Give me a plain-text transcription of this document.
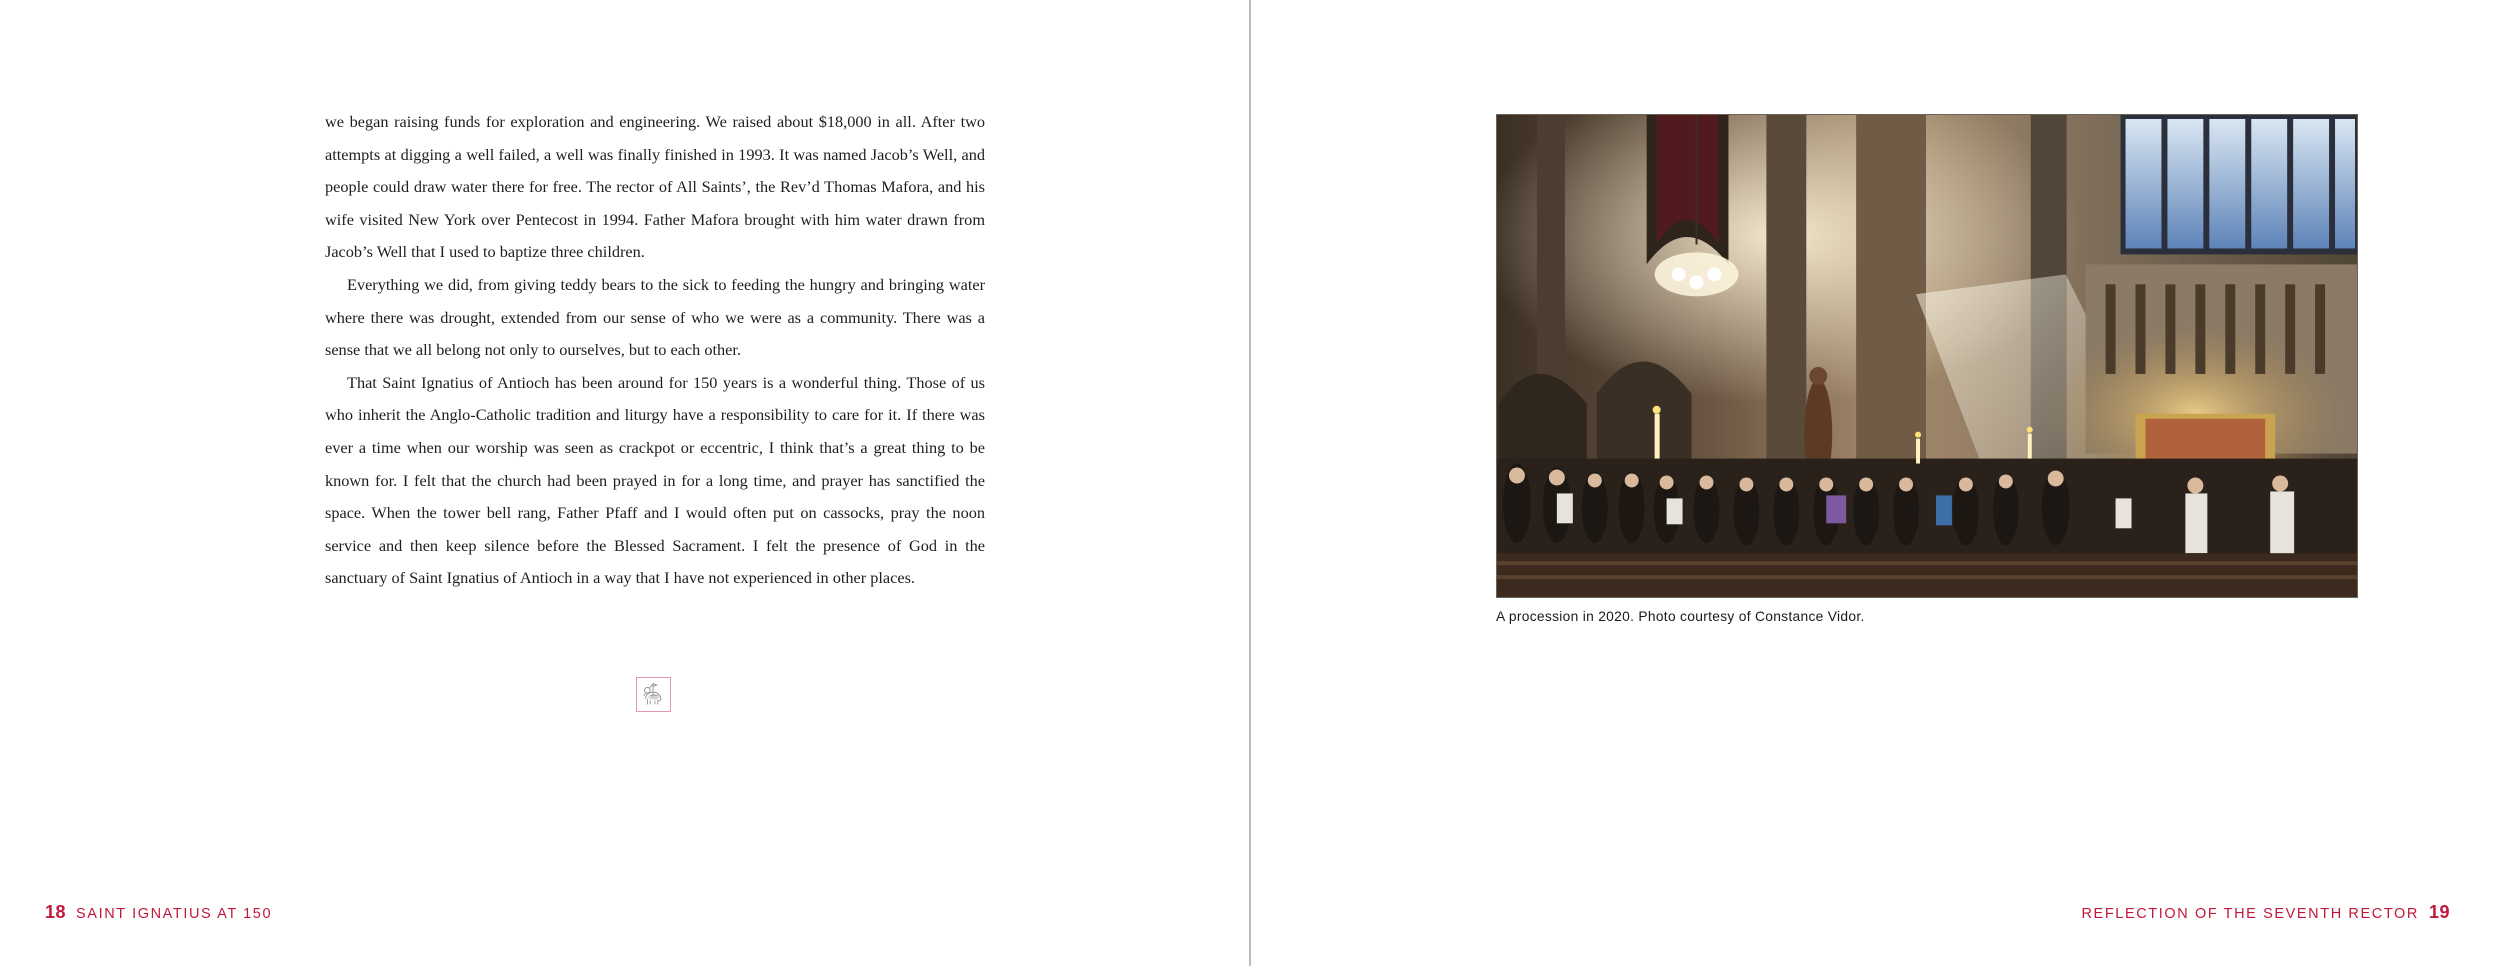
we began raising funds for exploration and engineering. We raised about $18,000 in all. After two attempts at digging a well failed, a well was finally finished in 1993. It was named Jacob’s Well, and people could draw water there for free. The rector of All Saints’, the Rev’d Thomas Mafora, and his wife visited New York over Pentecost in 1994. Father Mafora brought with him water drawn from Jacob’s Well that I used to baptize three children.

Everything we did, from giving teddy bears to the sick to feeding the hungry and bringing water where there was drought, extended from our sense of who we were as a community. There was a sense that we all belong not only to ourselves, but to each other.

That Saint Ignatius of Antioch has been around for 150 years is a wonderful thing. Those of us who inherit the Anglo-Catholic tradition and liturgy have a responsibility to care for it. If there was ever a time when our worship was seen as crackpot or eccentric, I think that’s a great thing to be known for. I felt that the church had been prayed in for a long time, and prayer has sanctified the space. When the tower bell rang, Father Pfaff and I would often put on cassocks, pray the noon service and then keep silence before the Blessed Sacrament. I felt the presence of God in the sanctuary of Saint Ignatius of Antioch in a way that I have not experienced in other places.

18 SAINT IGNATIUS AT 150
A procession in 2020. Photo courtesy of Constance Vidor.
REFLECTION OF THE SEVENTH RECTOR 19
